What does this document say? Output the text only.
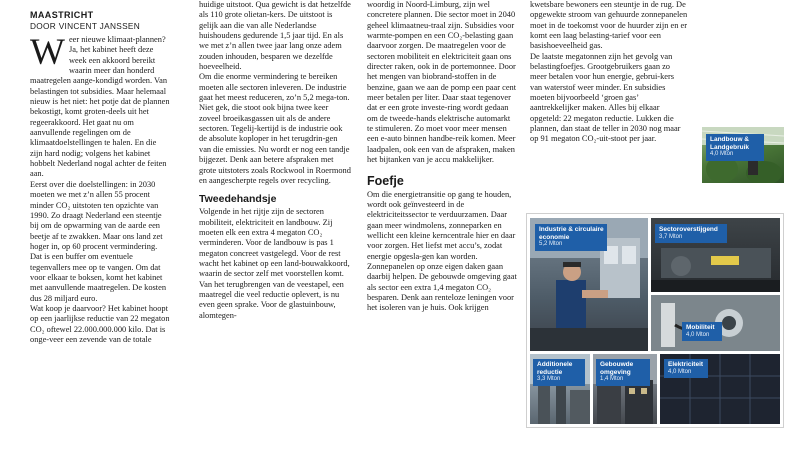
MAASTRICHT
DOOR VINCENT JANSSEN

W eer nieuwe klimaat-plannen? Ja, het kabinet heeft deze week een akkoord bereikt waarin meer dan honderd maatregelen aange-kondigd worden. Van belastingen tot subsidies. Maar helemaal nieuw is het niet: het potje dat de plannen bekostigt, komt groten-deels uit het regeerakkoord. Het gaat nu om aanvullende regelingen om de klimaatdoelstellingen te halen. En die zijn hard nodig; volgens het kabinet hobbelt Nederland nogal achter de feiten aan.

Eerst over die doelstellingen: in 2030 moeten we met z’n allen 55 procent minder CO₂ uitstoten ten opzichte van 1990. Zo draagt Nederland een steentje bij om de opwarming van de aarde een beetje af te zwakken. Maar ons land zet hoger in, op 60 procent vermindering. Dat is een buffer om eventuele tegenvallers mee op te vangen. Om dat voor elkaar te boksen, komt het kabinet met aanvullende maatregelen. De kosten dus 28 miljard euro.

Wat koop je daarvoor? Het kabinet hoopt op een jaarlijkse reductie van 22 megaton CO₂ oftewel 22.000.000.000 kilo. Dat is onge-veer een zevende van de totale

huidige uitstoot. Qua gewicht is dat hetzelfde als 110 grote olietan-kers. De uitstoot is gelijk aan die van alle Nederlandse huishoudens gedurende 1,5 jaar tijd. En als we met z’n allen twee jaar lang onze adem zouden inhouden, besparen we dezelfde hoeveelheid.

Om die enorme vermindering te bereiken moeten alle sectoren inleveren. De industrie gaat het meest reduceren, zo’n 5,2 mega-ton. Niet gek, die stoot ook bijna twee keer zoveel broeikasgassen uit als de andere sectoren. Tegelij-kertijd is de industrie ook de absolute koploper in het terugdrin-gen van die emissies. Nu wordt er nog een tandje bijgezet. Denk aan betere afspraken met grote uitstoters zoals Rockwool in Roermond en aangescherpte regels over recycling.

Tweedehandsje

Volgende in het rijtje zijn de sectoren mobiliteit, elektriciteit en landbouw. Zij moeten elk een extra 4 megaton CO₂ verminderen. Voor de landbouw is pas 1 megaton concreet vastgelegd. Voor de rest wacht het kabinet op een land-bouwakkoord, waarin de sector zelf met voorstellen komt. Van het terugbrengen van de veestapel, een maatregel die veel reductie oplevert, is nu even geen sprake. Voor de glastuinbouw, alomtegen-

woordig in Noord-Limburg, zijn wel concretere plannen. Die sector moet in 2040 geheel klimaatneu-traal zijn. Subsidies voor warmte-pompen en een CO₂-belasting gaan daarvoor zorgen. De maatregelen voor de sectoren mobiliteit en elektriciteit gaan ons directer raken, ook in de portemonnee. Door het mengen van biobrand-stoffen in de benzine, gaan we aan de pomp een paar cent meer betalen per liter. Daar staat tegenover dat er een grote investe-ring wordt gedaan om de tweede-hands elektrische automarkt te stimuleren. Zo moet voor meer mensen een e-auto binnen handbe-reik komen. Meer laadpalen, ook een van de afspraken, maken het bijtanken van je accu makkelijker.

Foefje

Om die energietransitie op gang te houden, wordt ook geïnvesteerd in de elektriciteitssector te verduurzamen. Daar gaan meer windmolens, zonneparken en wellicht een kleine kerncentrale hier en daar voor zorgen. Het liefst met accu’s, zodat energie opgesla-gen kan worden. Zonnepanelen op onze eigen daken gaan daarbij helpen. De gebouwde omgeving gaat als sector een extra 1,4 megaton CO₂ besparen. Denk aan renteloze leningen voor het isoleren van je huis. Ook krijgen

kwetsbare bewoners een steuntje in de rug. De opgewekte stroom van gehuurde zonnepanelen moet in de toekomst voor de huurder zijn en er komt een laag belasting-tarief voor een basishoeveelheid gas.

De laatste megatonnen zijn het gevolg van belastingfoefjes. Grootgebruikers gaan zo meer betalen voor hun energie, gebrui-kers van waterstof weer minder. En subsidies moeten bijvoorbeeld ‘groen gas’ aantrekkelijker maken. Alles bij elkaar opgeteld: 22 megaton reductie. Lukken die plannen, dan staat de teller in 2030 nog maar op 91 megaton CO₂-uit-stoot per jaar.	Landbouw & Landgebruik
4,0 Mton
Industrie & circulaire economie
5,2 Mton
Sectoroverstijgend
3,7 Mton
Mobiliteit
4,0 Mton
Additionele reductie
3,3 Mton
Gebouwde omgeving
1,4 Mton
Elektriciteit
4,0 Mton
